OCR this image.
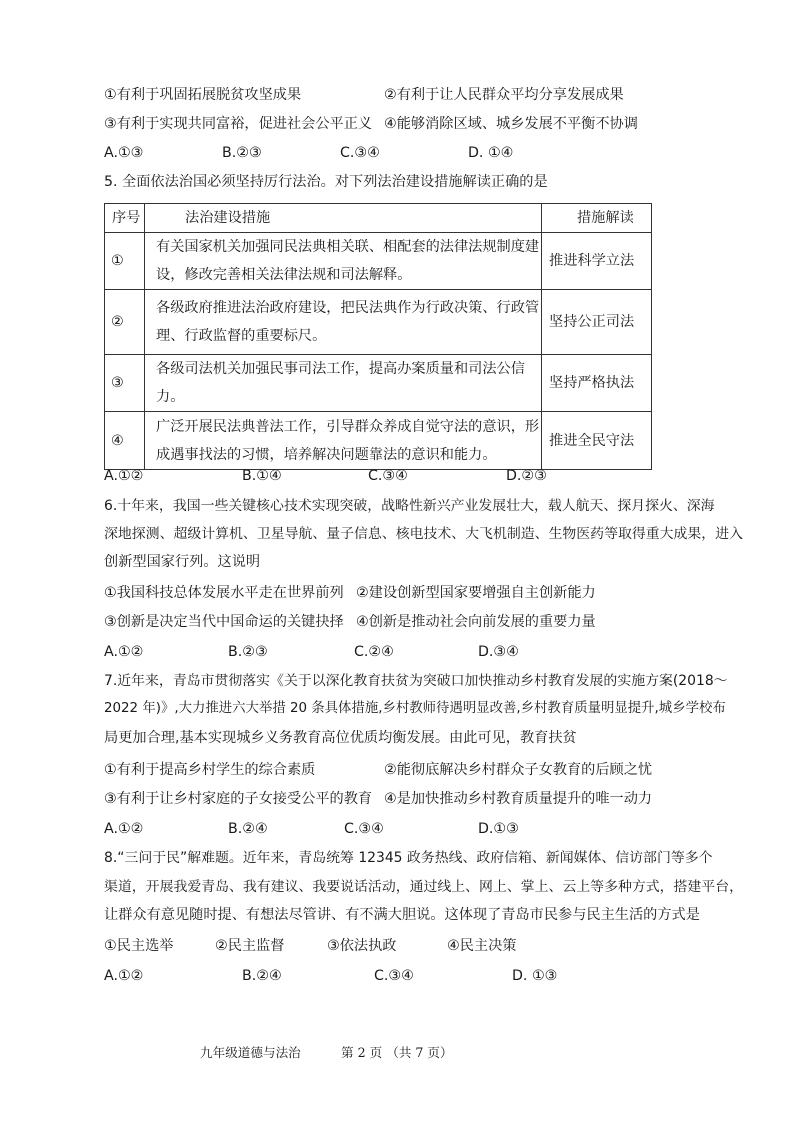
①有利于巩固拓展脱贫攻坚成果	②有利于让人民群众平均分享发展成果
③有利于实现共同富裕，促进社会公平正义 ④能够消除区域、城乡发展不平衡不协调
A.①③	B.②③	C.③④	D. ①④
5. 全面依法治国必须坚持厉行法治。对下列法治建设措施解读正确的是
序号	法治建设措施	措施解读
①	有关国家机关加强同民法典相关联、相配套的法律法规制度建
设，修改完善相关法律法规和司法解释。	推进科学立法
②	各级政府推进法治政府建设，把民法典作为行政决策、行政管
理、行政监督的重要标尺。	坚持公正司法
③	各级司法机关加强民事司法工作，提高办案质量和司法公信力。	坚持严格执法
④	广泛开展民法典普法工作，引导群众养成自觉守法的意识，形
成遇事找法的习惯，培养解决问题靠法的意识和能力。	推进全民守法
A.①②	B.①④	C.③④	D.②③
6.十年来，我国一些关键核心技术实现突破，战略性新兴产业发展壮大，载人航天、探月探火、深海
深地探测、超级计算机、卫星导航、量子信息、核电技术、大飞机制造、生物医药等取得重大成果，进入
创新型国家行列。这说明
①我国科技总体发展水平走在世界前列 ②建设创新型国家要增强自主创新能力
③创新是决定当代中国命运的关键抉择 ④创新是推动社会向前发展的重要力量
A.①②	B.②③	C.②④	D.③④
7.近年来，青岛市贯彻落实《关于以深化教育扶贫为突破口加快推动乡村教育发展的实施方案(2018～
2022 年)》,大力推进六大举措 20 条具体措施,乡村教师待遇明显改善,乡村教育质量明显提升,城乡学校布
局更加合理,基本实现城乡义务教育高位优质均衡发展。由此可见，教育扶贫
①有利于提高乡村学生的综合素质	②能彻底解决乡村群众子女教育的后顾之忧
③有利于让乡村家庭的子女接受公平的教育 ④是加快推动乡村教育质量提升的唯一动力
A.①②	B.②④	C.③④	D.①③
8.“三问于民”解难题。近年来，青岛统筹 12345 政务热线、政府信箱、新闻媒体、信访部门等多个
渠道，开展我爱青岛、我有建议、我要说话活动，通过线上、网上、掌上、云上等多种方式，搭建平台，
让群众有意见随时提、有想法尽管讲、有不满大胆说。这体现了青岛市民参与民主生活的方式是
①民主选举	②民主监督	③依法执政	④民主决策
A.①②	B.②④	C.③④	D. ①③
九年级道德与法治	第 2 页 （共 7 页）
